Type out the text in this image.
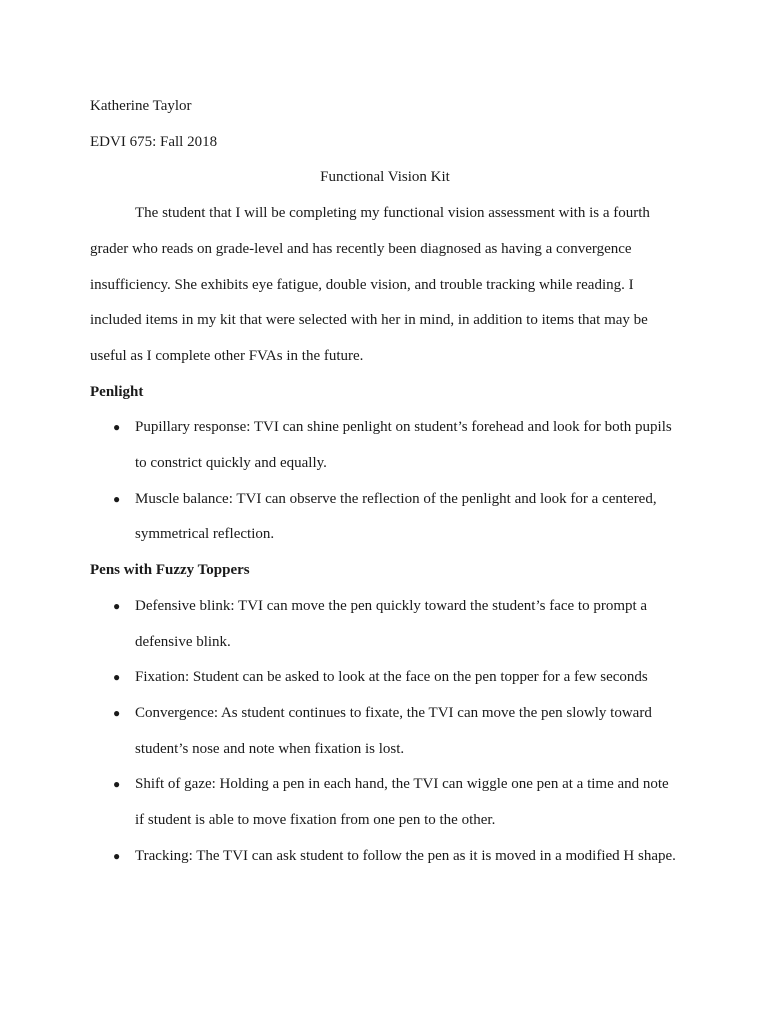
Katherine Taylor

EDVI 675: Fall 2018

Functional Vision Kit

The student that I will be completing my functional vision assessment with is a fourth grader who reads on grade-level and has recently been diagnosed as having a convergence insufficiency. She exhibits eye fatigue, double vision, and trouble tracking while reading. I included items in my kit that were selected with her in mind, in addition to items that may be useful as I complete other FVAs in the future.

Penlight

● Pupillary response: TVI can shine penlight on student’s forehead and look for both pupils to constrict quickly and equally.
● Muscle balance: TVI can observe the reflection of the penlight and look for a centered, symmetrical reflection.

Pens with Fuzzy Toppers

● Defensive blink: TVI can move the pen quickly toward the student’s face to prompt a defensive blink.
● Fixation: Student can be asked to look at the face on the pen topper for a few seconds
● Convergence: As student continues to fixate, the TVI can move the pen slowly toward student’s nose and note when fixation is lost.
● Shift of gaze: Holding a pen in each hand, the TVI can wiggle one pen at a time and note if student is able to move fixation from one pen to the other.
● Tracking: The TVI can ask student to follow the pen as it is moved in a modified H shape.
